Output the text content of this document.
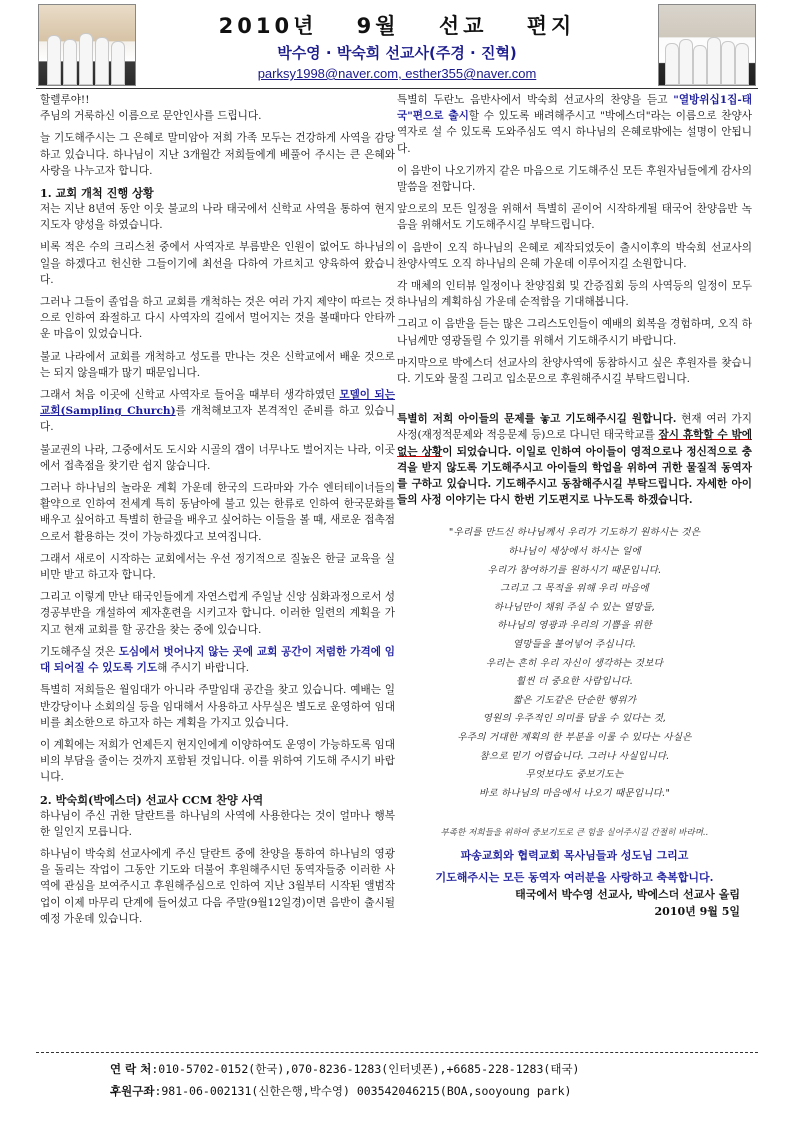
2010년 9월 선교 편지
박수영 · 박숙희 선교사(주경 · 진혁)
parksy1998@naver.com, esther355@naver.com

할렐루야!!

주님의 거룩하신 이름으로 문안인사를 드립니다.

늘 기도해주시는 그 은혜로 말미암아 저희 가족 모두는 건강하게 사역을 감당하고 있습니다. 하나님이 지난 3개월간 저희들에게 베풀어 주시는 큰 은혜와 사랑을 나누고자 합니다.

1. 교회 개척 진행 상황

저는 지난 8년여 동안 이웃 불교의 나라 태국에서 신학교 사역을 통하여 현지 지도자 양성을 하였습니다.

비록 적은 수의 크리스천 중에서 사역자로 부름받은 인원이 없어도 하나님의 일을 하겠다고 헌신한 그들이기에 최선을 다하여 가르치고 양육하여 왔습니다.

그러나 그들이 졸업을 하고 교회를 개척하는 것은 여러 가지 제약이 따르는 것으로 인하여 좌절하고 다시 사역자의 길에서 멀어지는 것을 볼때마다 안타까운 마음이 있었습니다.

불교 나라에서 교회를 개척하고 성도를 만나는 것은 신학교에서 배운 것으로는 되지 않을때가 많기 때문입니다.

그래서 처음 이곳에 신학교 사역자로 들어올 때부터 생각하였던 모델이 되는 교회(Sampling Church)를 개척해보고자 본격적인 준비를 하고 있습니다.

불교권의 나라, 그중에서도 도시와 시골의 갭이 너무나도 벌어지는 나라, 이곳에서 접촉점을 찾기란 쉽지 않습니다.

그러나 하나님의 놀라운 계획 가운데 한국의 드라마와 가수 엔터테이너들의 활약으로 인하여 전세계 특히 동남아에 불고 있는 한류로 인하여 한국문화를 배우고 싶어하고 특별히 한글을 배우고 싶어하는 이들을 볼 때, 새로운 접촉점으로서 활용하는 것이 가능하겠다고 보여집니다.

그래서 새로이 시작하는 교회에서는 우선 정기적으로 질높은 한글 교육을 실비만 받고 하고자 합니다.

그리고 이렇게 만난 태국인들에게 자연스럽게 주일날 신앙 심화과정으로서 성경공부반을 개설하여 제자훈련을 시키고자 합니다. 이러한 일련의 계획을 가지고 현재 교회를 할 공간을 찾는 중에 있습니다.

기도해주실 것은 도심에서 벗어나지 않는 곳에 교회 공간이 저렴한 가격에 임대 되어질 수 있도록 기도해 주시기 바랍니다.

특별히 저희들은 월임대가 아니라 주말임대 공간을 찾고 있습니다. 예배는 일반강당이나 소회의실 등을 임대해서 사용하고 사무실은 별도로 운영하여 임대비를 최소한으로 하고자 하는 계획을 가지고 있습니다.

이 계획에는 저희가 언제든지 현지인에게 이양하여도 운영이 가능하도록 임대비의 부담을 줄이는 것까지 포함된 것입니다. 이를 위하여 기도해 주시기 바랍니다.

2. 박숙희(박에스더) 선교사 CCM 찬양 사역

하나님이 주신 귀한 달란트를 하나님의 사역에 사용한다는 것이 얼마나 행복한 일인지 모릅니다.

하나님이 박숙희 선교사에게 주신 달란트 중에 찬양을 통하여 하나님의 영광을 돌리는 작업이 그동안 기도와 더불어 후원해주시던 동역자들중 이러한 사역에 관심을 보여주시고 후원해주심으로 인하여 지난 3월부터 시작된 앨범작업이 이제 마무리 단계에 들어섰고 다음 주말(9월12일경)이면 음반이 출시될 예정 가운데 있습니다.

특별히 두란노 음반사에서 박숙희 선교사의 찬양을 듣고 "열방위십1집-태국"편으로 출시할 수 있도록 배려해주시고 "박에스더"라는 이름으로 찬양사역자로 설 수 있도록 도와주심도 역시 하나님의 은혜로밖에는 설명이 안됩니다.

이 음반이 나오기까지 같은 마음으로 기도해주신 모든 후원자님들에게 감사의 말씀을 전합니다.

앞으로의 모든 일정을 위해서 특별히 곧이어 시작하게될 태국어 찬양음반 녹음을 위해서도 기도해주시길 부탁드립니다.

이 음반이 오직 하나님의 은혜로 제작되었듯이 출시이후의 박숙희 선교사의 찬양사역도 오직 하나님의 은혜 가운데 이루어지길 소원합니다.

각 매체의 인터뷰 일정이나 찬양집회 및 간증집회 등의 사역등의 일정이 모두 하나님의 계획하심 가운데 순적함을 기대해봅니다.

그리고 이 음반을 듣는 많은 그리스도인들이 예배의 회복을 경험하며, 오직 하나님께만 영광돌릴 수 있기를 위해서 기도해주시기 바랍니다.

마지막으로 박에스더 선교사의 찬양사역에 동참하시고 싶은 후원자를 찾습니다. 기도와 물질 그리고 입소문으로 후원해주시길 부탁드립니다.

특별히 저희 아이들의 문제를 놓고 기도해주시길 원합니다. 현재 여러 가지 사정(재정적문제와 적응문제 등)으로 다니던 태국학교를 잠시 휴학할 수 밖에 없는 상황이 되었습니다. 이일로 인하여 아이들이 영적으로나 정신적으로 충격을 받지 않도록 기도해주시고 아이들의 학업을 위하여 귀한 물질적 동역자를 구하고 있습니다. 기도해주시고 동참해주시길 부탁드립니다. 자세한 아이들의 사정 이야기는 다시 한번 기도편지로 나누도록 하겠습니다.

"우리를 만드신 하나님께서 우리가 기도하기 원하시는 것은
하나님이 세상에서 하시는 일에
우리가 참여하기를 원하시기 때문입니다.
그리고 그 목적을 위해 우리 마음에
하나님만이 채워 주실 수 있는 열망들,
하나님의 영광과 우리의 기쁨을 위한
열망들을 불어넣어 주십니다.
우리는 흔히 우리 자신이 생각하는 것보다
훨씬 더 중요한 사람입니다.
짧은 기도같은 단순한 행위가
영원의 우주적인 의미를 담을 수 있다는 것,
우주의 거대한 계획의 한 부분을 이룰 수 있다는 사실은
참으로 믿기 어렵습니다. 그러나 사실입니다.
무엇보다도 중보기도는
바로 하나님의 마음에서 나오기 때문입니다."
부족한 저희들을 위하여 중보기도로 큰 힘을 실어주시길 간절히 바라며..
파송교회와 협력교회 목사님들과 성도님 그리고
기도해주시는 모든 동역자 여러분을 사랑하고 축복합니다.
태국에서 박수영 선교사, 박에스더 선교사 올림
2010년 9월 5일
연 락 처:010-5702-0152(한국),070-8236-1283(인터넷폰),+6685-228-1283(태국)
후원구좌:981-06-002131(신한은행,박수영) 003542046215(BOA,sooyoung park)
